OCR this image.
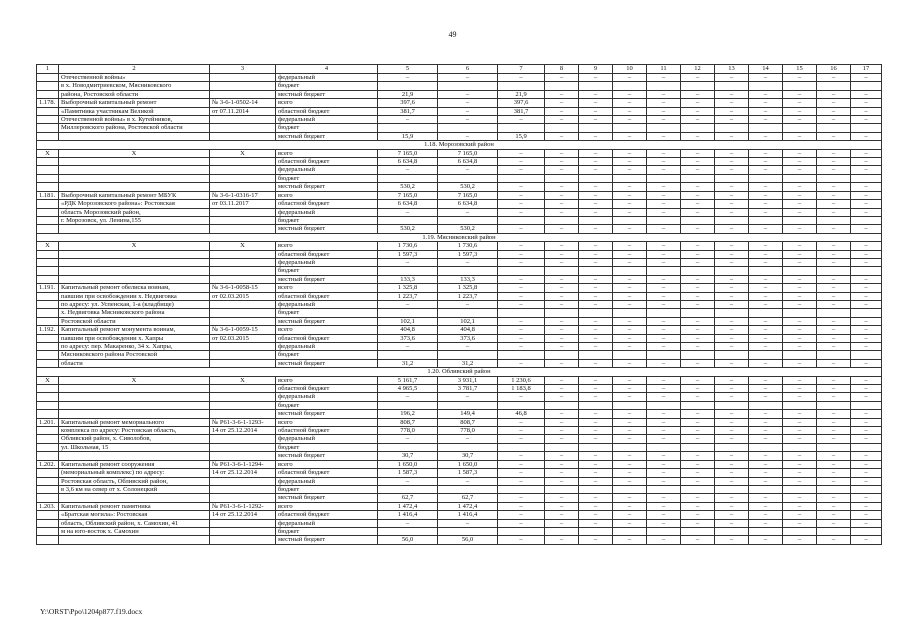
49
1	2	3	4	5	6	7	8	9	10	11	12	13	14	15	16	17
	Отечественной войны»		федеральный	–	–	–	–	–	–	–	–	–	–	–	–	–
	в х. Новодмитриевском, Мясниковского		бюджет													
	района, Ростовской области		местный бюджет	21,9	–	21,9	–	–	–	–	–	–	–	–	–	–
1.178.	Выборочный капитальный ремонт	№ 3-6-1-0502-14	всего	397,6	–	397,6	–	–	–	–	–	–	–	–	–	–
	«Памятника участникам Великой	от 07.11.2014	областной бюджет	381,7	–	381,7	–	–	–	–	–	–	–	–	–	–
	Отечественной войны» в х. Кутейников,		федеральный	–	–	–	–	–	–	–	–	–	–	–	–	–
	Миллеровского района, Ростовской области		бюджет													
			местный бюджет	15,9	–	15,9	–	–	–	–	–	–	–	–	–	–
1.18. Морозовский район																
Х	Х	Х	всего	7 165,0	7 165,0	–	–	–	–	–	–	–	–	–	–	–
			областной бюджет	6 634,8	6 634,8	–	–	–	–	–	–	–	–	–	–	–
			федеральный	–	–	–	–	–	–	–	–	–	–	–	–	–
			бюджет													
			местный бюджет	530,2	530,2	–	–	–	–	–	–	–	–	–	–	–
1.181.	Выборочный капитальный ремонт МБУК	№ 3-6-1-0316-17	всего	7 165,0	7 165,0	–	–	–	–	–	–	–	–	–	–	–
	«РДК Морозовского района»: Ростовская	от 03.11.2017	областной бюджет	6 634,8	6 634,8	–	–	–	–	–	–	–	–	–	–	–
	область Морозовский район,		федеральный	–	–	–	–	–	–	–	–	–	–	–	–	–
	г. Морозовск, ул. Ленина,155		бюджет													
			местный бюджет	530,2	530,2	–	–	–	–	–	–	–	–	–	–	–
1.19. Мясниковский район																
Х	Х	Х	всего	1 730,6	1 730,6	–	–	–	–	–	–	–	–	–	–	–
			областной бюджет	1 597,3	1 597,3	–	–	–	–	–	–	–	–	–	–	–
			федеральный	–	–	–	–	–	–	–	–	–	–	–	–	–
			бюджет													
			местный бюджет	133,3	133,3	–	–	–	–	–	–	–	–	–	–	–
1.191.	Капитальный ремонт обелиска воинам,	№ 3-6-1-0058-15	всего	1 325,8	1 325,8	–	–	–	–	–	–	–	–	–	–	–
	павшим при освобождении х. Недвиговка	от 02.03.2015	областной бюджет	1 223,7	1 223,7	–	–	–	–	–	–	–	–	–	–	–
	по адресу: ул. Успенская, 1-а (кладбище)		федеральный	–	–	–	–	–	–	–	–	–	–	–	–	–
	х. Недвиговка Мясниковского района		бюджет													
	Ростовской области		местный бюджет	102,1	102,1	–	–	–	–	–	–	–	–	–	–	–
1.192.	Капитальный ремонт монумента воинам,	№ 3-6-1-0059-15	всего	404,8	404,8	–	–	–	–	–	–	–	–	–	–	–
	павшим при освобождении х. Хапры	от 02.03.2015	областной бюджет	373,6	373,6	–	–	–	–	–	–	–	–	–	–	–
	по адресу: пер. Макаренко, 34 х. Хапры,		федеральный	–	–	–	–	–	–	–	–	–	–	–	–	–
	Мясниковского района Ростовской		бюджет													
	области		местный бюджет	31,2	31,2	–	–	–	–	–	–	–	–	–	–	–
1.20. Обливский район																
Х	Х	Х	всего	5 161,7	3 931,1	1 230,6	–	–	–	–	–	–	–	–	–	–
			областной бюджет	4 965,5	3 781,7	1 183,8	–	–	–	–	–	–	–	–	–	–
			федеральный	–	–	–	–	–	–	–	–	–	–	–	–	–
			бюджет													
			местный бюджет	196,2	149,4	46,8	–	–	–	–	–	–	–	–	–	–
1.201.	Капитальный ремонт мемориального	№ Р61-3-6-1-1293-	всего	808,7	808,7	–	–	–	–	–	–	–	–	–	–	–
	комплекса по адресу: Ростовская область,	14 от 25.12.2014	областной бюджет	778,0	778,0	–	–	–	–	–	–	–	–	–	–	–
	Обливский район, х. Сиволобов,		федеральный	–	–	–	–	–	–	–	–	–	–	–	–	–
	ул. Школьная, 15		бюджет													
			местный бюджет	30,7	30,7	–	–	–	–	–	–	–	–	–	–	–
1.202.	Капитальный ремонт сооружения	№ Р61-3-6-1-1294-	всего	1 650,0	1 650,0	–	–	–	–	–	–	–	–	–	–	–
	(мемориальный комплекс) по адресу:	14 от 25.12.2014	областной бюджет	1 587,3	1 587,3	–	–	–	–	–	–	–	–	–	–	–
	Ростовская область, Обливский район,		федеральный	–	–	–	–	–	–	–	–	–	–	–	–	–
	в 3,6 км на север от х. Солонецкий		бюджет													
			местный бюджет	62,7	62,7	–	–	–	–	–	–	–	–	–	–	–
1.203.	Капитальный ремонт памятника	№ Р61-3-6-1-1292-	всего	1 472,4	1 472,4	–	–	–	–	–	–	–	–	–	–	–
	«Братская могила»: Ростовская	14 от 25.12.2014	областной бюджет	1 416,4	1 416,4	–	–	–	–	–	–	–	–	–	–	–
	область, Обливский район, х. Самохин, 41		федеральный	–	–	–	–	–	–	–	–	–	–	–	–	–
	м на юго-восток х. Самохин		бюджет													
			местный бюджет	56,0	56,0	–	–	–	–	–	–	–	–	–	–	–
Y:\ORST\Ppo\1204p877.f19.docx
